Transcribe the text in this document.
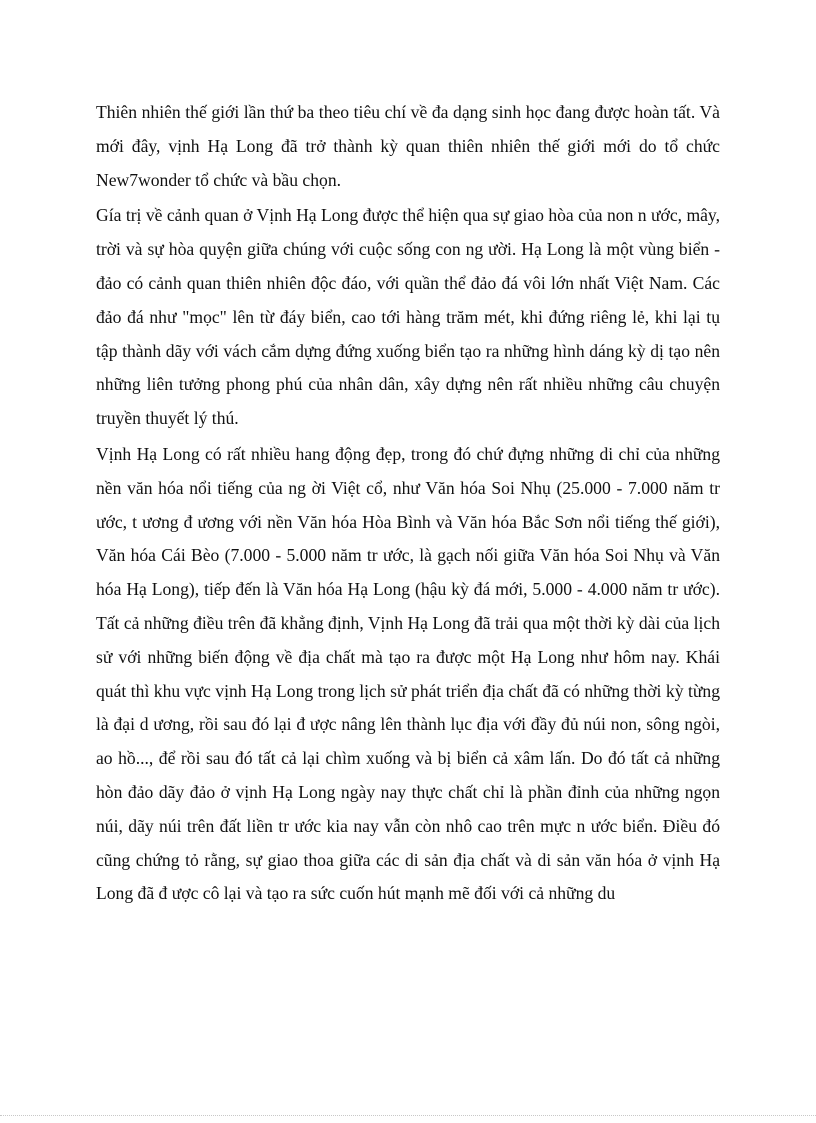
Thiên nhiên thế giới lần thứ ba theo tiêu chí về đa dạng sinh học đang được hoàn tất. Và mới đây, vịnh Hạ Long đã trở thành kỳ quan thiên nhiên thế giới mới do tổ chức New7wonder tổ chức và bầu chọn.

Gía trị về cảnh quan ở Vịnh Hạ Long được thể hiện qua sự giao hòa của non n ước, mây, trời và sự hòa quyện giữa chúng với cuộc sống con ng ười. Hạ Long là một vùng biển - đảo có cảnh quan thiên nhiên độc đáo, với quần thể đảo đá vôi lớn nhất Việt Nam. Các đảo đá như "mọc" lên từ đáy biển, cao tới hàng trăm mét, khi đứng riêng lẻ, khi lại tụ tập thành dãy với vách cắm dựng đứng xuống biển tạo ra những hình dáng kỳ dị tạo nên những liên tưởng phong phú của nhân dân, xây dựng nên rất nhiều những câu chuyện truyền thuyết lý thú.

Vịnh Hạ Long có rất nhiều hang động đẹp, trong đó chứ đựng những di chỉ của những nền văn hóa nổi tiếng của ng ời Việt cổ, như Văn hóa Soi Nhụ (25.000 - 7.000 năm tr ước, t ương đ ương với nền Văn hóa Hòa Bình và Văn hóa Bắc Sơn nổi tiếng thế giới), Văn hóa Cái Bèo (7.000 - 5.000 năm tr ước, là gạch nối giữa Văn hóa Soi Nhụ và Văn hóa Hạ Long), tiếp đến là Văn hóa Hạ Long (hậu kỳ đá mới, 5.000 - 4.000 năm tr ước). Tất cả những điều trên đã khẳng định, Vịnh Hạ Long đã trải qua một thời kỳ dài của lịch sử với những biến động về địa chất mà tạo ra được một Hạ Long như hôm nay. Khái quát thì khu vực vịnh Hạ Long trong lịch sử phát triển địa chất đã có những thời kỳ từng là đại d ương, rồi sau đó lại đ ược nâng lên thành lục địa với đầy đủ núi non, sông ngòi, ao hồ..., để rồi sau đó tất cả lại chìm xuống và bị biển cả xâm lấn. Do đó tất cả những hòn đảo dãy đảo ở vịnh Hạ Long ngày nay thực chất chỉ là phần đỉnh của những ngọn núi, dãy núi trên đất liền tr ước kia nay vẫn còn nhô cao trên mực n ước biển. Điều đó cũng chứng tỏ rằng, sự giao thoa giữa các di sản địa chất và di sản văn hóa ở vịnh Hạ Long đã đ ược cô lại và tạo ra sức cuốn hút mạnh mẽ đối với cả những du
